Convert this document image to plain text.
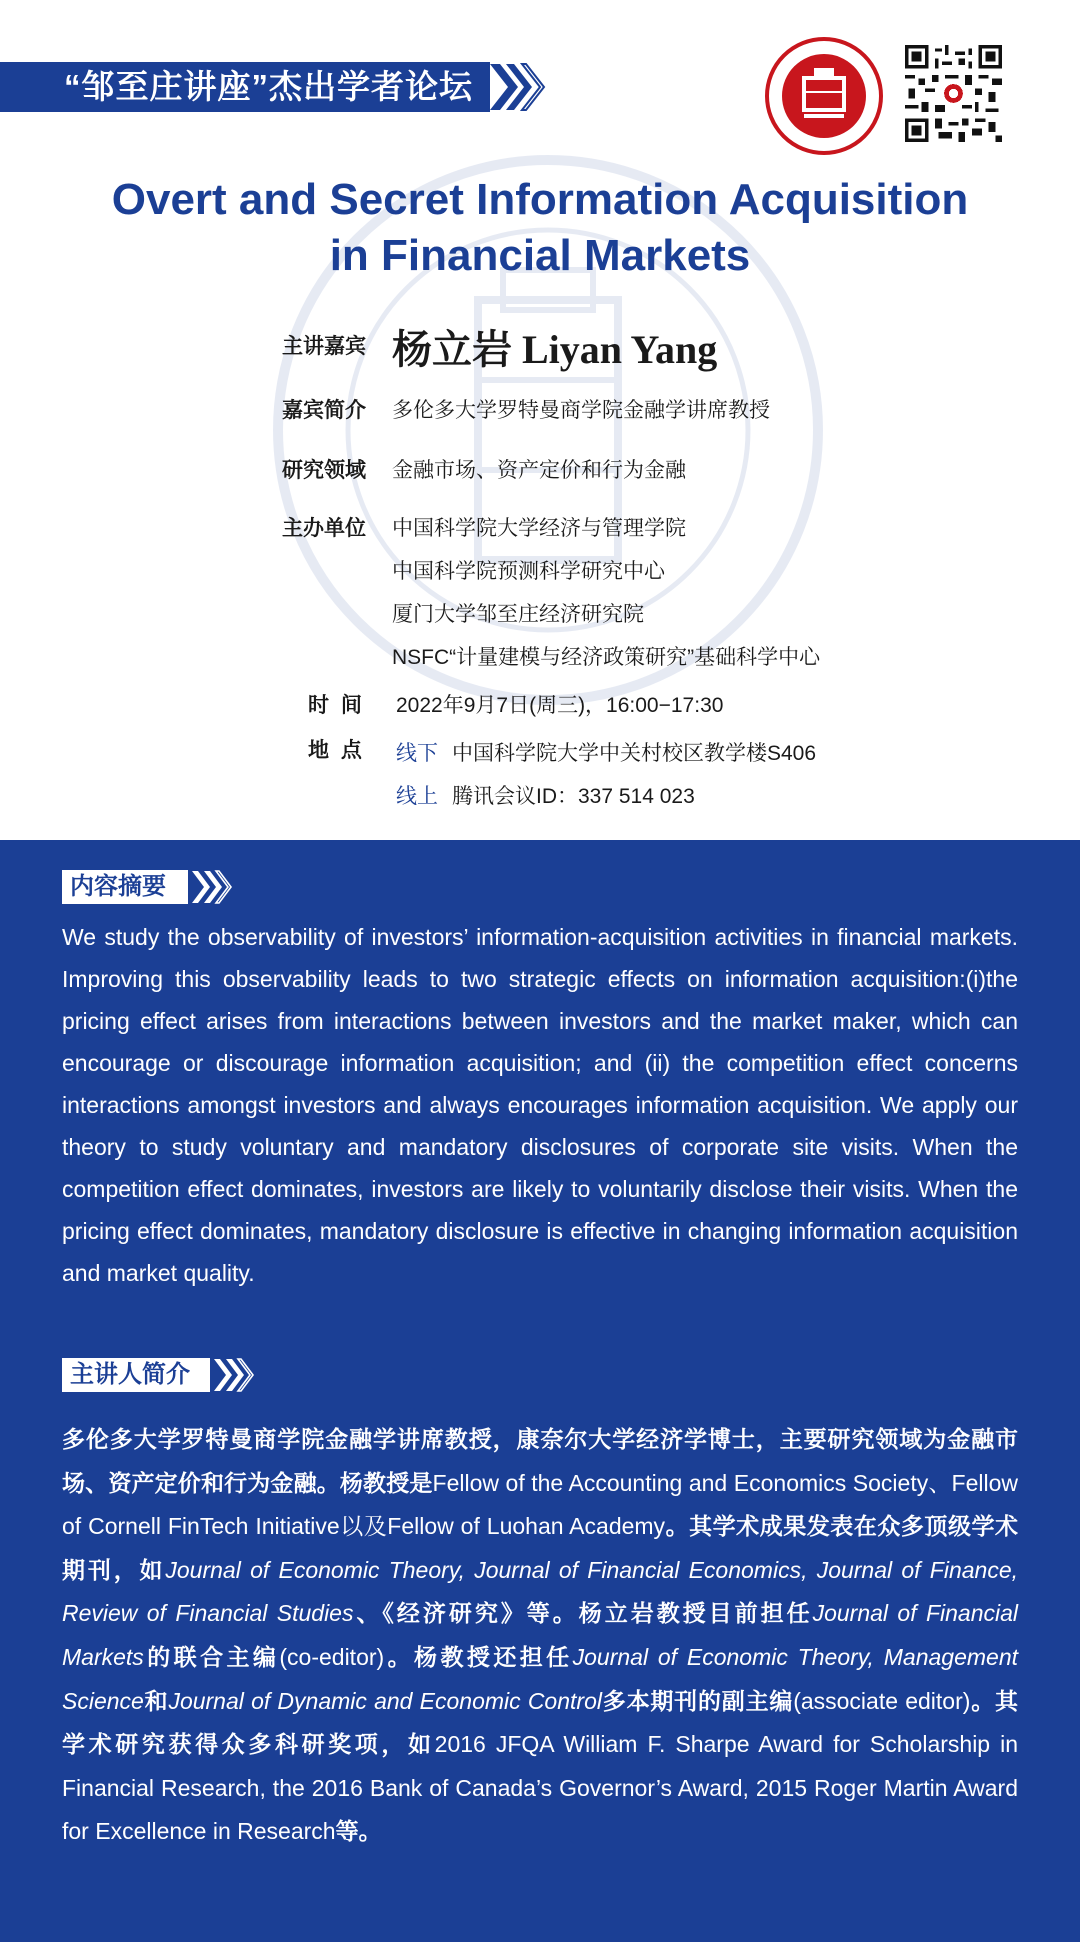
“邹至庄讲座”杰出学者论坛
Overt and Secret Information Acquisition
in Financial Markets
主讲嘉宾 杨立岩 Liyan Yang
嘉宾简介 多伦多大学罗特曼商学院金融学讲席教授
研究领域 金融市场、资产定价和行为金融
主办单位 中国科学院大学经济与管理学院
中国科学院预测科学研究中心
厦门大学邹至庄经济研究院
NSFC“计量建模与经济政策研究”基础科学中心
时 间 2022年9月7日(周三)，16:00−17:30
地 点 线下 中国科学院大学中关村校区教学楼S406
线上 腾讯会议ID：337 514 023
内容摘要
We study the observability of investors’ information-acquisition activities in financial markets. Improving this observability leads to two strategic effects on information acquisition:(i)the pricing effect arises from interactions between investors and the market maker, which can encourage or discourage information acquisition; and (ii) the competition effect concerns interactions amongst investors and always encourages information acquisition. We apply our theory to study voluntary and mandatory disclosures of corporate site visits. When the competition effect dominates, investors are likely to voluntarily disclose their visits. When the pricing effect dominates, mandatory disclosure is effective in changing information acquisition and market quality.
主讲人简介
多伦多大学罗特曼商学院金融学讲席教授，康奈尔大学经济学博士，主要研究领域为金融市场、资产定价和行为金融。杨教授是Fellow of the Accounting and Economics Society、Fellow of Cornell FinTech Initiative以及Fellow of Luohan Academy。其学术成果发表在众多顶级学术期刊，如Journal of Economic Theory, Journal of Financial Economics, Journal of Finance, Review of Financial Studies、《经济研究》等。杨立岩教授目前担任Journal of Financial Markets的联合主编(co-editor)。杨教授还担任Journal of Economic Theory, Management Science和Journal of Dynamic and Economic Control多本期刊的副主编(associate editor)。其学术研究获得众多科研奖项，如2016 JFQA William F. Sharpe Award for Scholarship in Financial Research, the 2016 Bank of Canada’s Governor’s Award, 2015 Roger Martin Award for Excellence in Research等。
